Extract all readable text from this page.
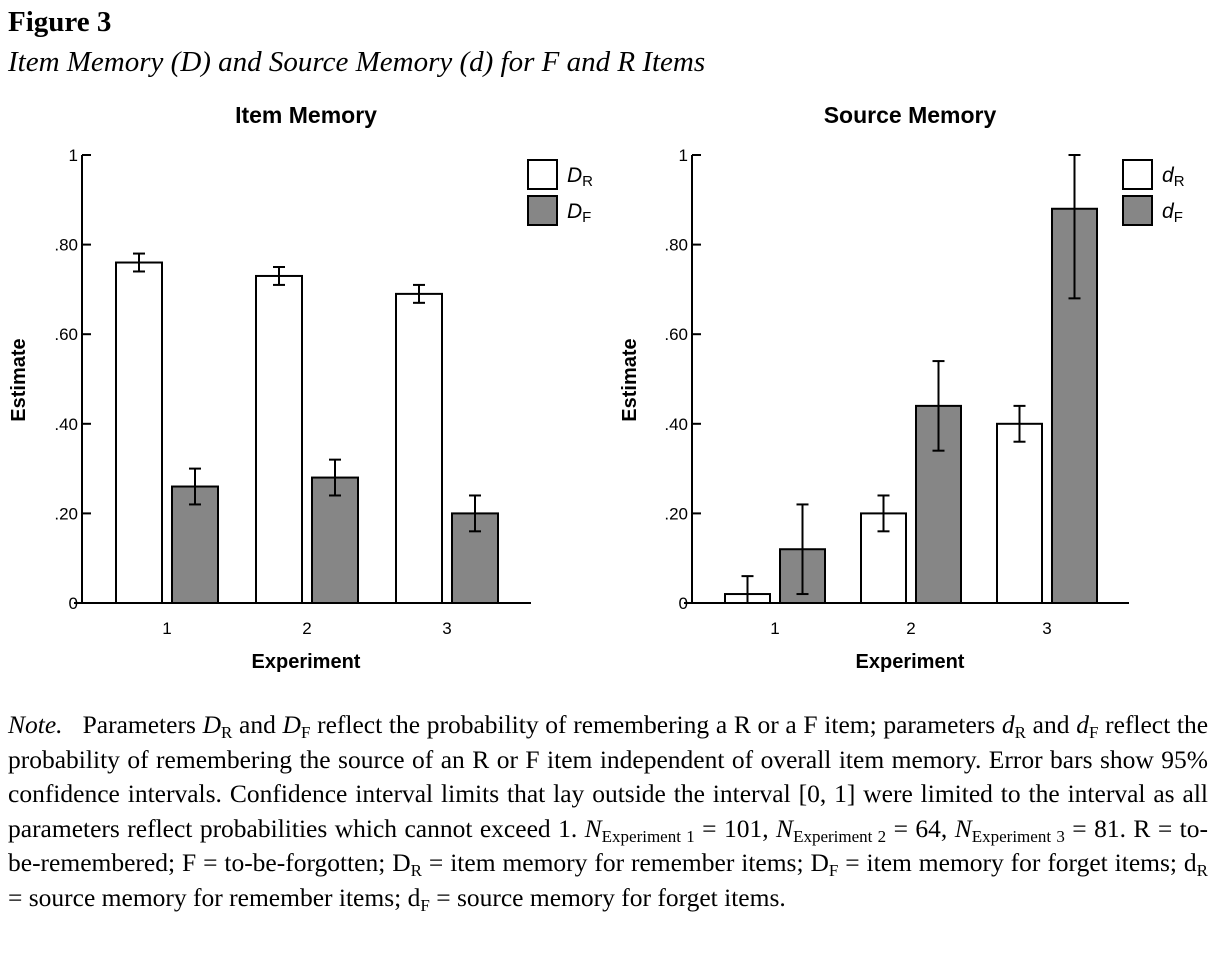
Figure 3
Item Memory (D) and Source Memory (d) for F and R Items
Item Memory
0
.20
.40
.60
.80
1
Estimate
Experiment
1	2	3
DR
DF
Source Memory
0
.20
.40
.60
.80
1
Estimate
Experiment
1	2	3
dR
dF
Note. Parameters $D_R$ and $D_F$ reflect the probability of remembering a R or a F item; parameters $d_R$ and $d_F$ reflect the probability of remembering the source of an R or F item independent of overall item memory. Error bars show 95% confidence intervals. Confidence interval limits that lay outside the interval [0, 1] were limited to the interval as all parameters reflect probabilities which cannot exceed 1. $N_{Experiment 1} = 101$, $N_{Experiment 2} = 64$, $N_{Experiment 3} = 81$. R = to-be-remembered; F = to-be-forgotten; $D_R$ = item memory for remember items; $D_F$ = item memory for forget items; $d_R$ = source memory for remember items; $d_F$ = source memory for forget items.
